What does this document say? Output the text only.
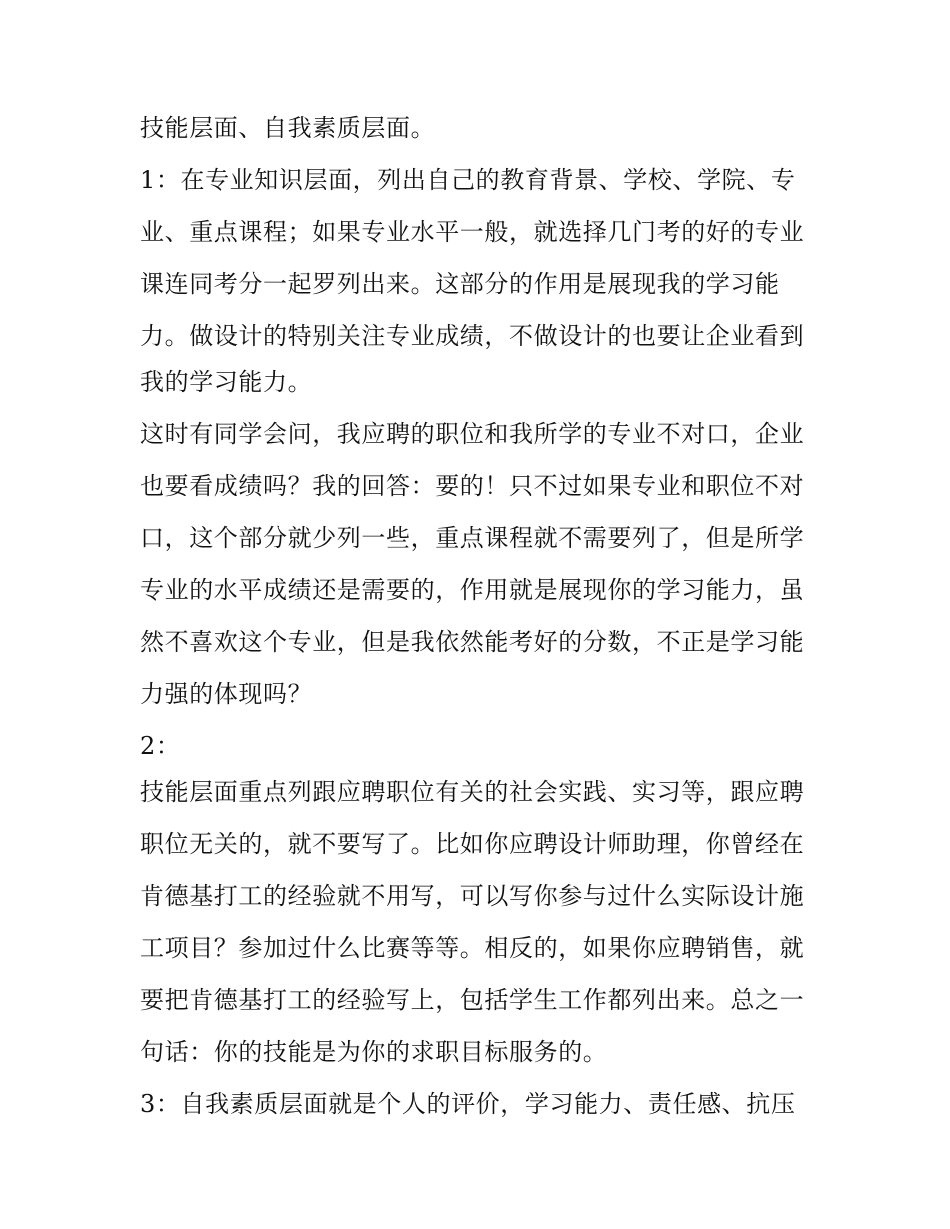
技能层面、自我素质层面。
1：在专业知识层面，列出自己的教育背景、学校、学院、专
业、重点课程；如果专业水平一般，就选择几门考的好的专业
课连同考分一起罗列出来。这部分的作用是展现我的学习能
力。做设计的特别关注专业成绩，不做设计的也要让企业看到
我的学习能力。
这时有同学会问，我应聘的职位和我所学的专业不对口，企业
也要看成绩吗？我的回答：要的！只不过如果专业和职位不对
口，这个部分就少列一些，重点课程就不需要列了，但是所学
专业的水平成绩还是需要的，作用就是展现你的学习能力，虽
然不喜欢这个专业，但是我依然能考好的分数，不正是学习能
力强的体现吗？
2：
技能层面重点列跟应聘职位有关的社会实践、实习等，跟应聘
职位无关的，就不要写了。比如你应聘设计师助理，你曾经在
肯德基打工的经验就不用写，可以写你参与过什么实际设计施
工项目？参加过什么比赛等等。相反的，如果你应聘销售，就
要把肯德基打工的经验写上，包括学生工作都列出来。总之一
句话：你的技能是为你的求职目标服务的。
3：自我素质层面就是个人的评价，学习能力、责任感、抗压
